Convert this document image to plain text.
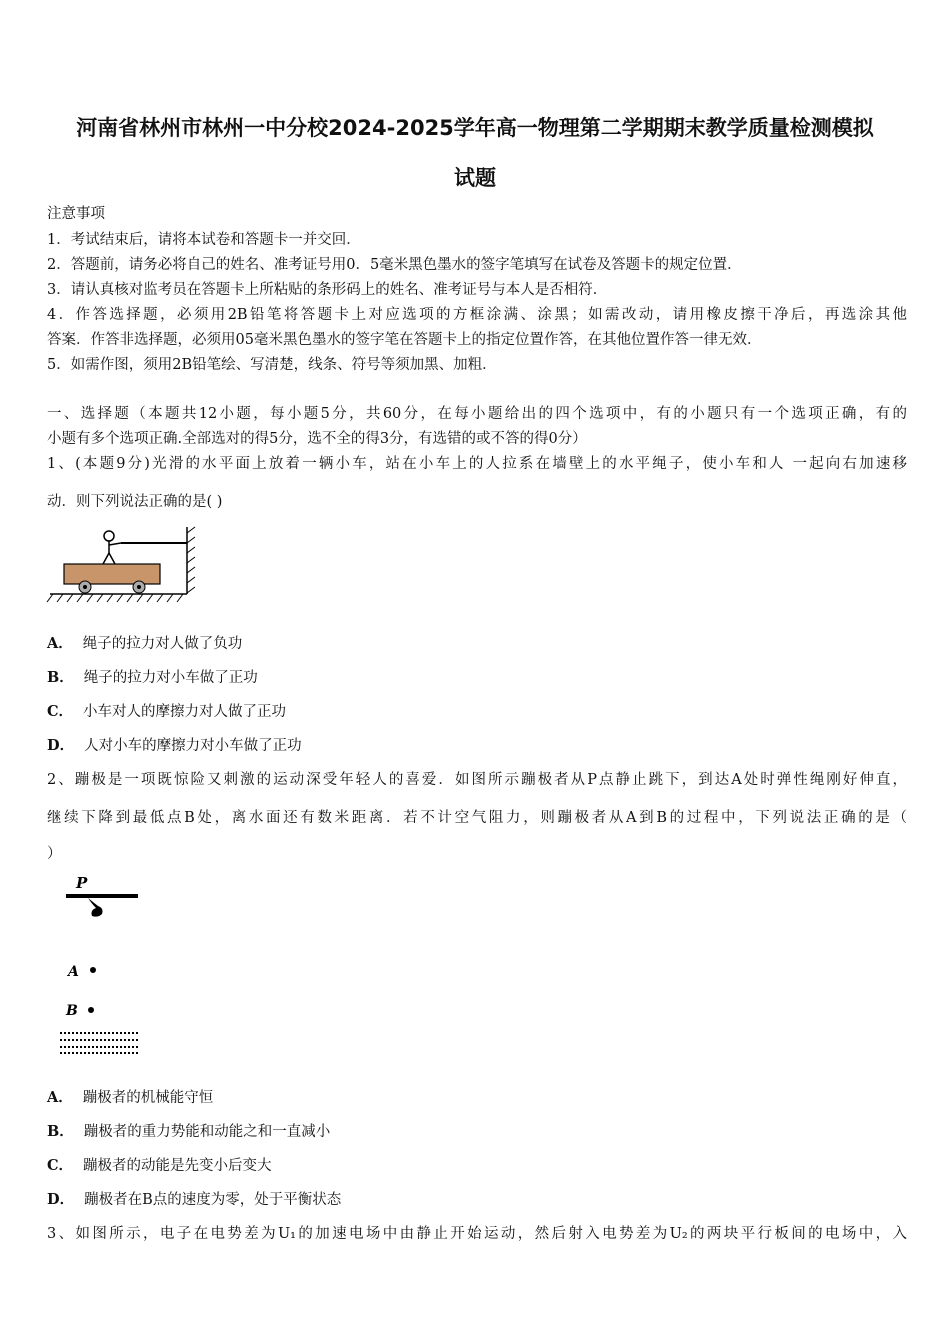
河南省林州市林州一中分校2024-2025学年高一物理第二学期期末教学质量检测模拟
试题
注意事项
1．考试结束后，请将本试卷和答题卡一并交回．
2．答题前，请务必将自己的姓名、准考证号用0．5毫米黑色墨水的签字笔填写在试卷及答题卡的规定位置．
3．请认真核对监考员在答题卡上所粘贴的条形码上的姓名、准考证号与本人是否相符．
4．作答选择题，必须用2B铅笔将答题卡上对应选项的方框涂满、涂黑；如需改动，请用橡皮擦干净后，再选涂其他
答案．作答非选择题，必须用05毫米黑色墨水的签字笔在答题卡上的指定位置作答，在其他位置作答一律无效．
5．如需作图，须用2B铅笔绘、写清楚，线条、符号等须加黑、加粗．
一、选择题（本题共12小题，每小题5分，共60分，在每小题给出的四个选项中，有的小题只有一个选项正确，有的
小题有多个选项正确.全部选对的得5分，选不全的得3分，有选错的或不答的得0分）
1、(本题9分)光滑的水平面上放着一辆小车，站在小车上的人拉系在墙壁上的水平绳子，使小车和人 一起向右加速移
动．则下列说法正确的是( )
A． 绳子的拉力对人做了负功
B． 绳子的拉力对小车做了正功
C． 小车对人的摩擦力对人做了正功
D． 人对小车的摩擦力对小车做了正功
2、蹦极是一项既惊险又刺激的运动深受年轻人的喜爱．如图所示蹦极者从P点静止跳下，到达A处时弹性绳刚好伸直，
继续下降到最低点B处，离水面还有数米距离．若不计空气阻力，则蹦极者从A到B的过程中，下列说法正确的是（
）
P
A
B
A． 蹦极者的机械能守恒
B． 蹦极者的重力势能和动能之和一直减小
C． 蹦极者的动能是先变小后变大
D． 蹦极者在B点的速度为零，处于平衡状态
3、如图所示，电子在电势差为U₁的加速电场中由静止开始运动，然后射入电势差为U₂的两块平行板间的电场中，入
